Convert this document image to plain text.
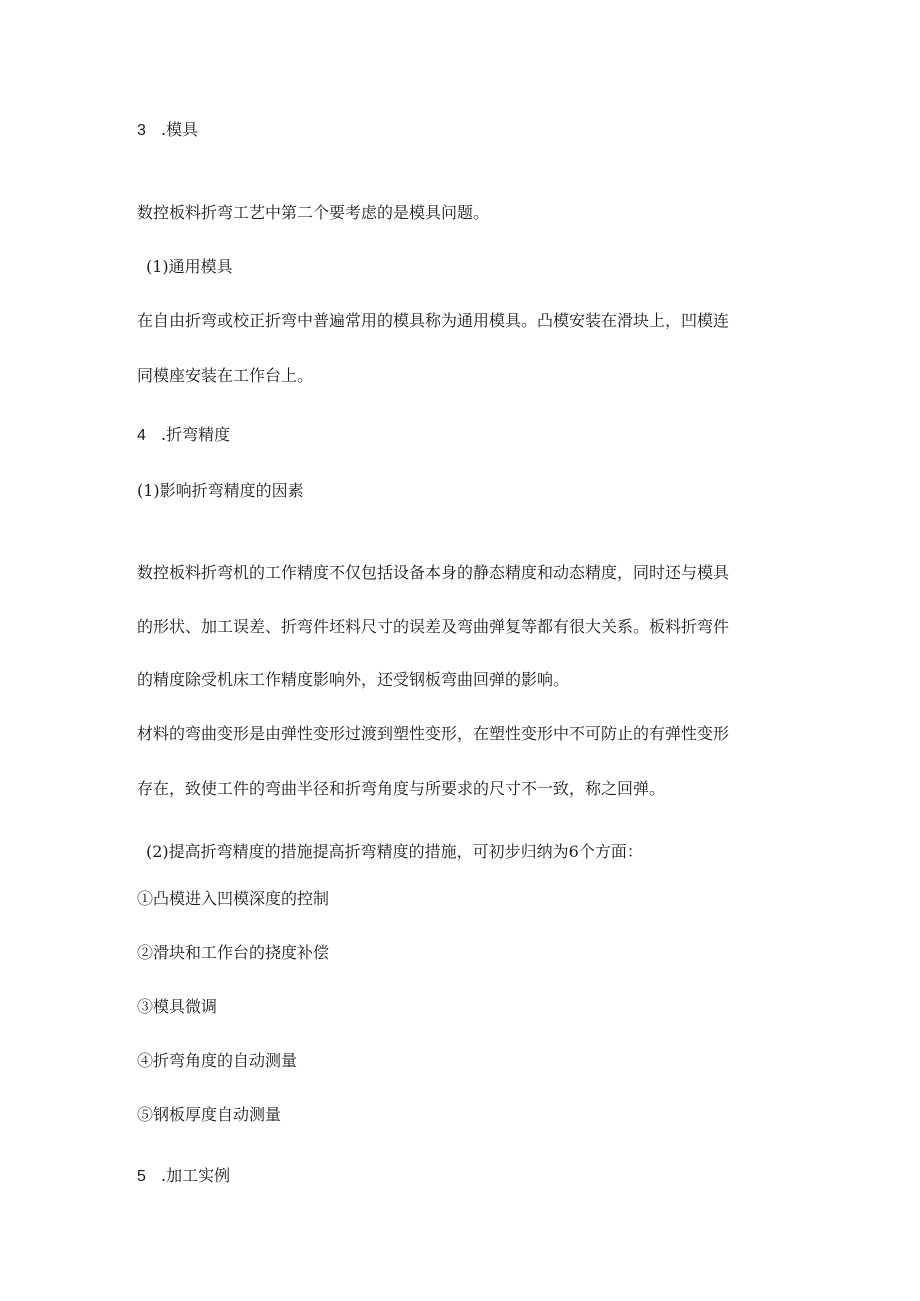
3 .模具
数控板料折弯工艺中第二个要考虑的是模具问题。
(1)通用模具
在自由折弯或校正折弯中普遍常用的模具称为通用模具。凸模安装在滑块上，凹模连
同模座安装在工作台上。
4 .折弯精度
(1)影响折弯精度的因素
数控板料折弯机的工作精度不仅包括设备本身的静态精度和动态精度，同时还与模具
的形状、加工误差、折弯件坯料尺寸的误差及弯曲弹复等都有很大关系。板料折弯件
的精度除受机床工作精度影响外，还受钢板弯曲回弹的影响。
材料的弯曲变形是由弹性变形过渡到塑性变形，在塑性变形中不可防止的有弹性变形
存在，致使工件的弯曲半径和折弯角度与所要求的尺寸不一致，称之回弹。
(2)提高折弯精度的措施提高折弯精度的措施，可初步归纳为6个方面：
①凸模进入凹模深度的控制
②滑块和工作台的挠度补偿
③模具微调
④折弯角度的自动测量
⑤钢板厚度自动测量
5 .加工实例
